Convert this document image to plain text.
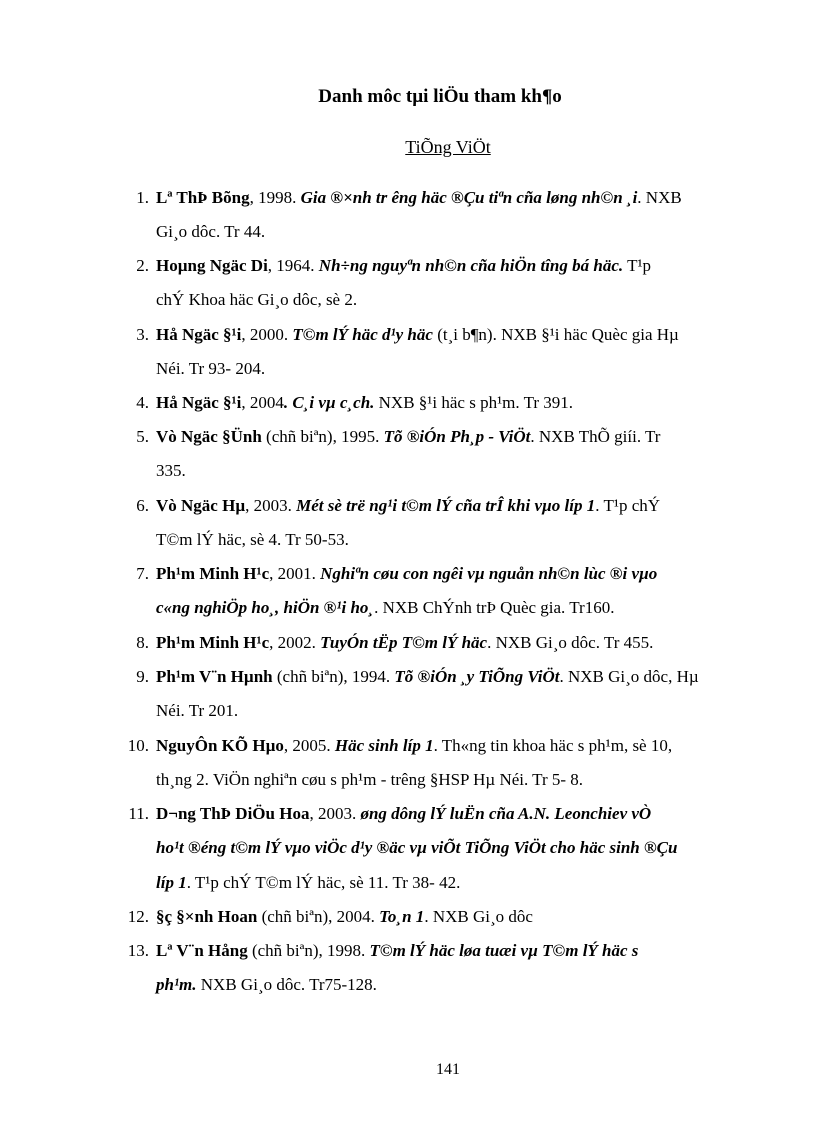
Danh môc tµi liÖu tham kh¶o
TiÕng ViÖt
1. Lª ThÞ Bõng, 1998. Gia ®×nh tr êng häc ®Çu tiªn cña løng nh©n ¸i. NXB
Gi¸o dôc. Tr 44.
2. Hoµng Ngäc Di, 1964. Nh÷ng nguyªn nh©n cña hiÖn tîng bá häc. T¹p
chÝ Khoa häc Gi¸o dôc, sè 2.
3. Hå Ngäc §¹i, 2000. T©m lÝ häc d¹y häc (t¸i b¶n). NXB §¹i häc Quèc gia Hµ
Néi. Tr 93- 204.
4. Hå Ngäc §¹i, 2004. C¸i vµ c¸ch. NXB §¹i häc s ph¹m. Tr 391.
5. Vò Ngäc §Ünh (chñ biªn), 1995. Tõ ®iÓn Ph¸p - ViÖt. NXB ThÕ giíi. Tr
335.
6. Vò Ngäc Hµ, 2003. Mét sè trë ng¹i t©m lÝ cña trÎ khi vµo líp 1. T¹p chÝ
T©m lÝ häc, sè 4. Tr 50-53.
7. Ph¹m Minh H¹c, 2001. Nghiªn cøu con ngêi vµ nguån nh©n lùc ®i vµo
c«ng nghiÖp ho¸, hiÖn ®¹i ho¸. NXB ChÝnh trÞ Quèc gia. Tr160.
8. Ph¹m Minh H¹c, 2002. TuyÓn tËp T©m lÝ häc. NXB Gi¸o dôc. Tr 455.
9. Ph¹m V¨n Hµnh (chñ biªn), 1994. Tõ ®iÓn ¸y TiÕng ViÖt. NXB Gi¸o dôc, Hµ
Néi. Tr 201.
10. NguyÔn KÕ Hµo, 2005. Häc sinh líp 1. Th«ng tin khoa häc s ph¹m, sè 10,
th¸ng 2. ViÖn nghiªn cøu s ph¹m - trêng §HSP Hµ Néi. Tr 5- 8.
11. D¬ng ThÞ DiÖu Hoa, 2003. øng dông lÝ luËn cña A.N. Leonchiev vÒ
ho¹t ®éng t©m lÝ vµo viÖc d¹y ®äc vµ viÕt TiÕng ViÖt cho häc sinh ®Çu
líp 1. T¹p chÝ T©m lÝ häc, sè 11. Tr 38- 42.
12. §ç §×nh Hoan (chñ biªn), 2004. To¸n 1. NXB Gi¸o dôc
13. Lª V¨n Hång (chñ biªn), 1998. T©m lÝ häc løa tuæi vµ T©m lÝ häc s
ph¹m. NXB Gi¸o dôc. Tr75-128.
141
